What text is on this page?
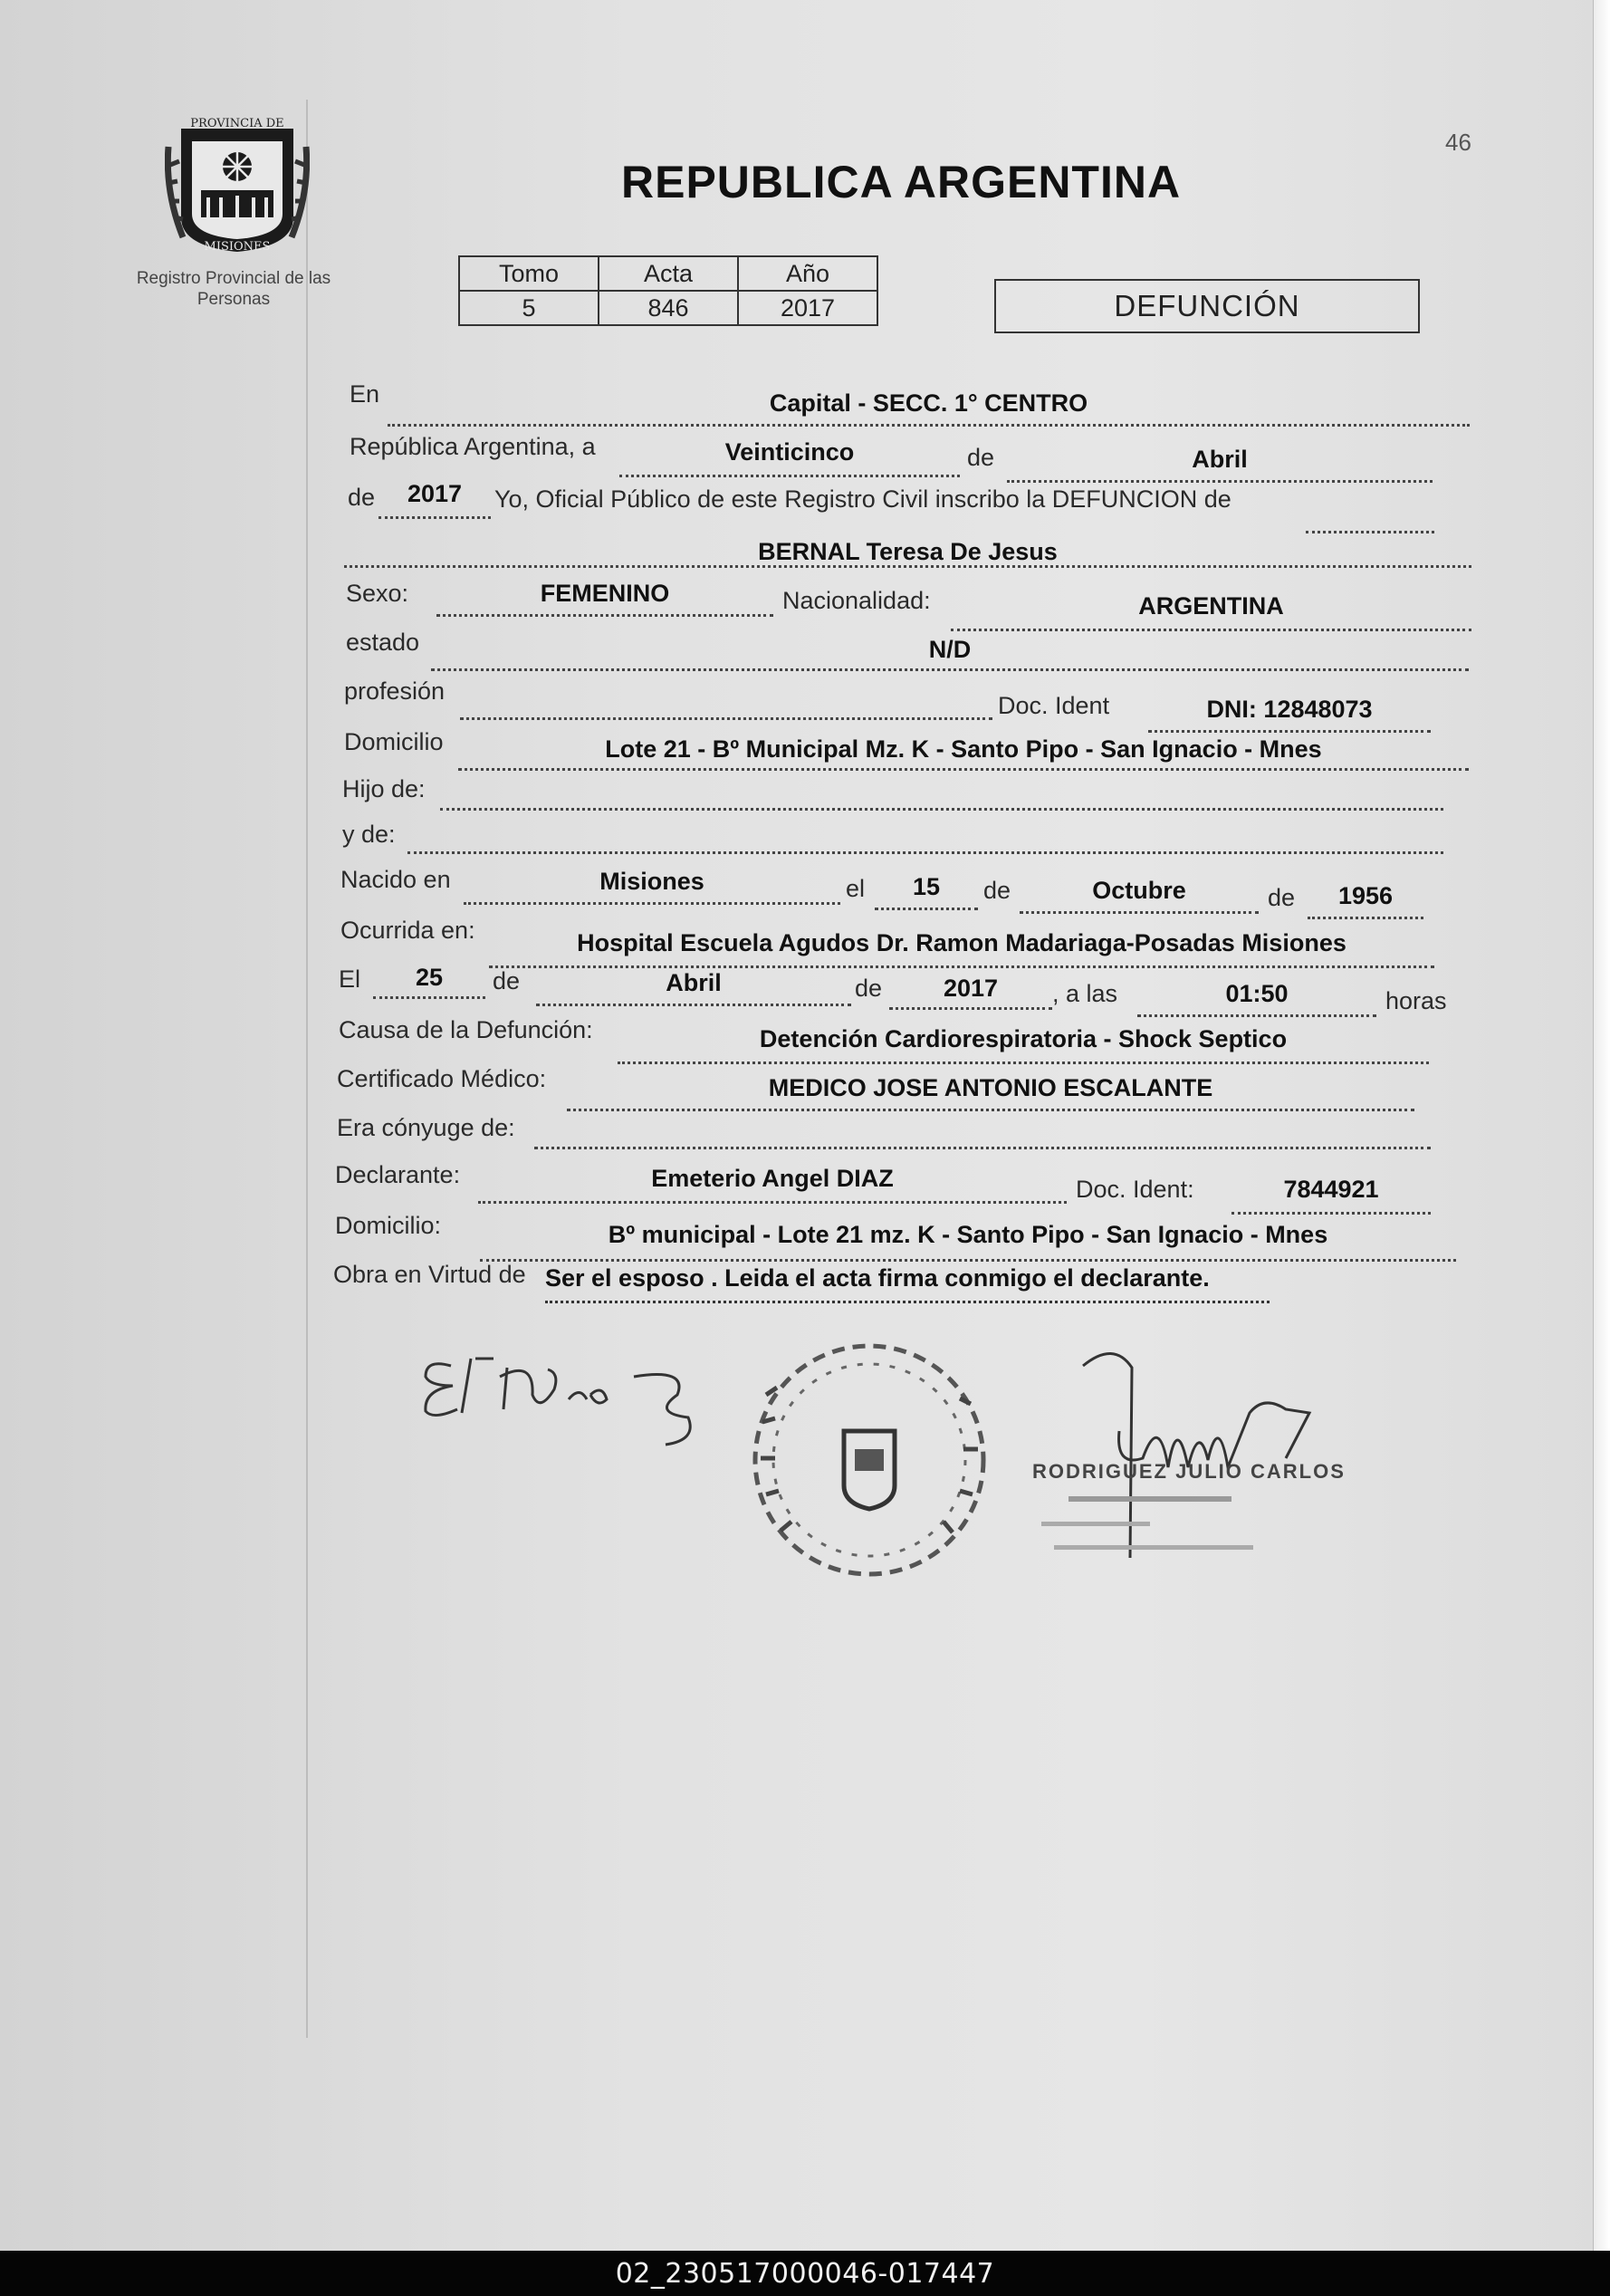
46
PROVINCIA DE
MISIONES
Registro Provincial de las Personas
REPUBLICA ARGENTINA
Tomo	Acta	Año
5	846	2017	DEFUNCIÓN
En	Capital - SECC. 1° CENTRO
República Argentina, a	Veinticinco	de	Abril
de	2017	Yo, Oficial Público de este Registro Civil inscribo la DEFUNCION de
BERNAL Teresa De Jesus
Sexo:	FEMENINO	Nacionalidad:	ARGENTINA
estado	N/D
profesión
Doc. Ident	DNI: 12848073
Domicilio	Lote 21 - Bº Municipal Mz. K - Santo Pipo - San Ignacio - Mnes
Hijo de:
y de:
Nacido en	Misiones	el	15	de	Octubre	de	1956
Ocurrida en:	Hospital Escuela Agudos Dr. Ramon Madariaga-Posadas Misiones
El	25	de	Abril	de	2017	, a las	01:50	horas
Causa de la Defunción:	Detención Cardiorespiratoria - Shock Septico
Certificado Médico:	MEDICO JOSE ANTONIO ESCALANTE
Era cónyuge de:
Declarante:	Emeterio Angel DIAZ	Doc. Ident:	7844921
Domicilio:	Bº municipal - Lote 21 mz. K - Santo Pipo - San Ignacio - Mnes
Obra en Virtud de Ser el esposo . Leida el acta firma conmigo el declarante.
RODRIGUEZ JULIO CARLOS
02_230517000046-017447
